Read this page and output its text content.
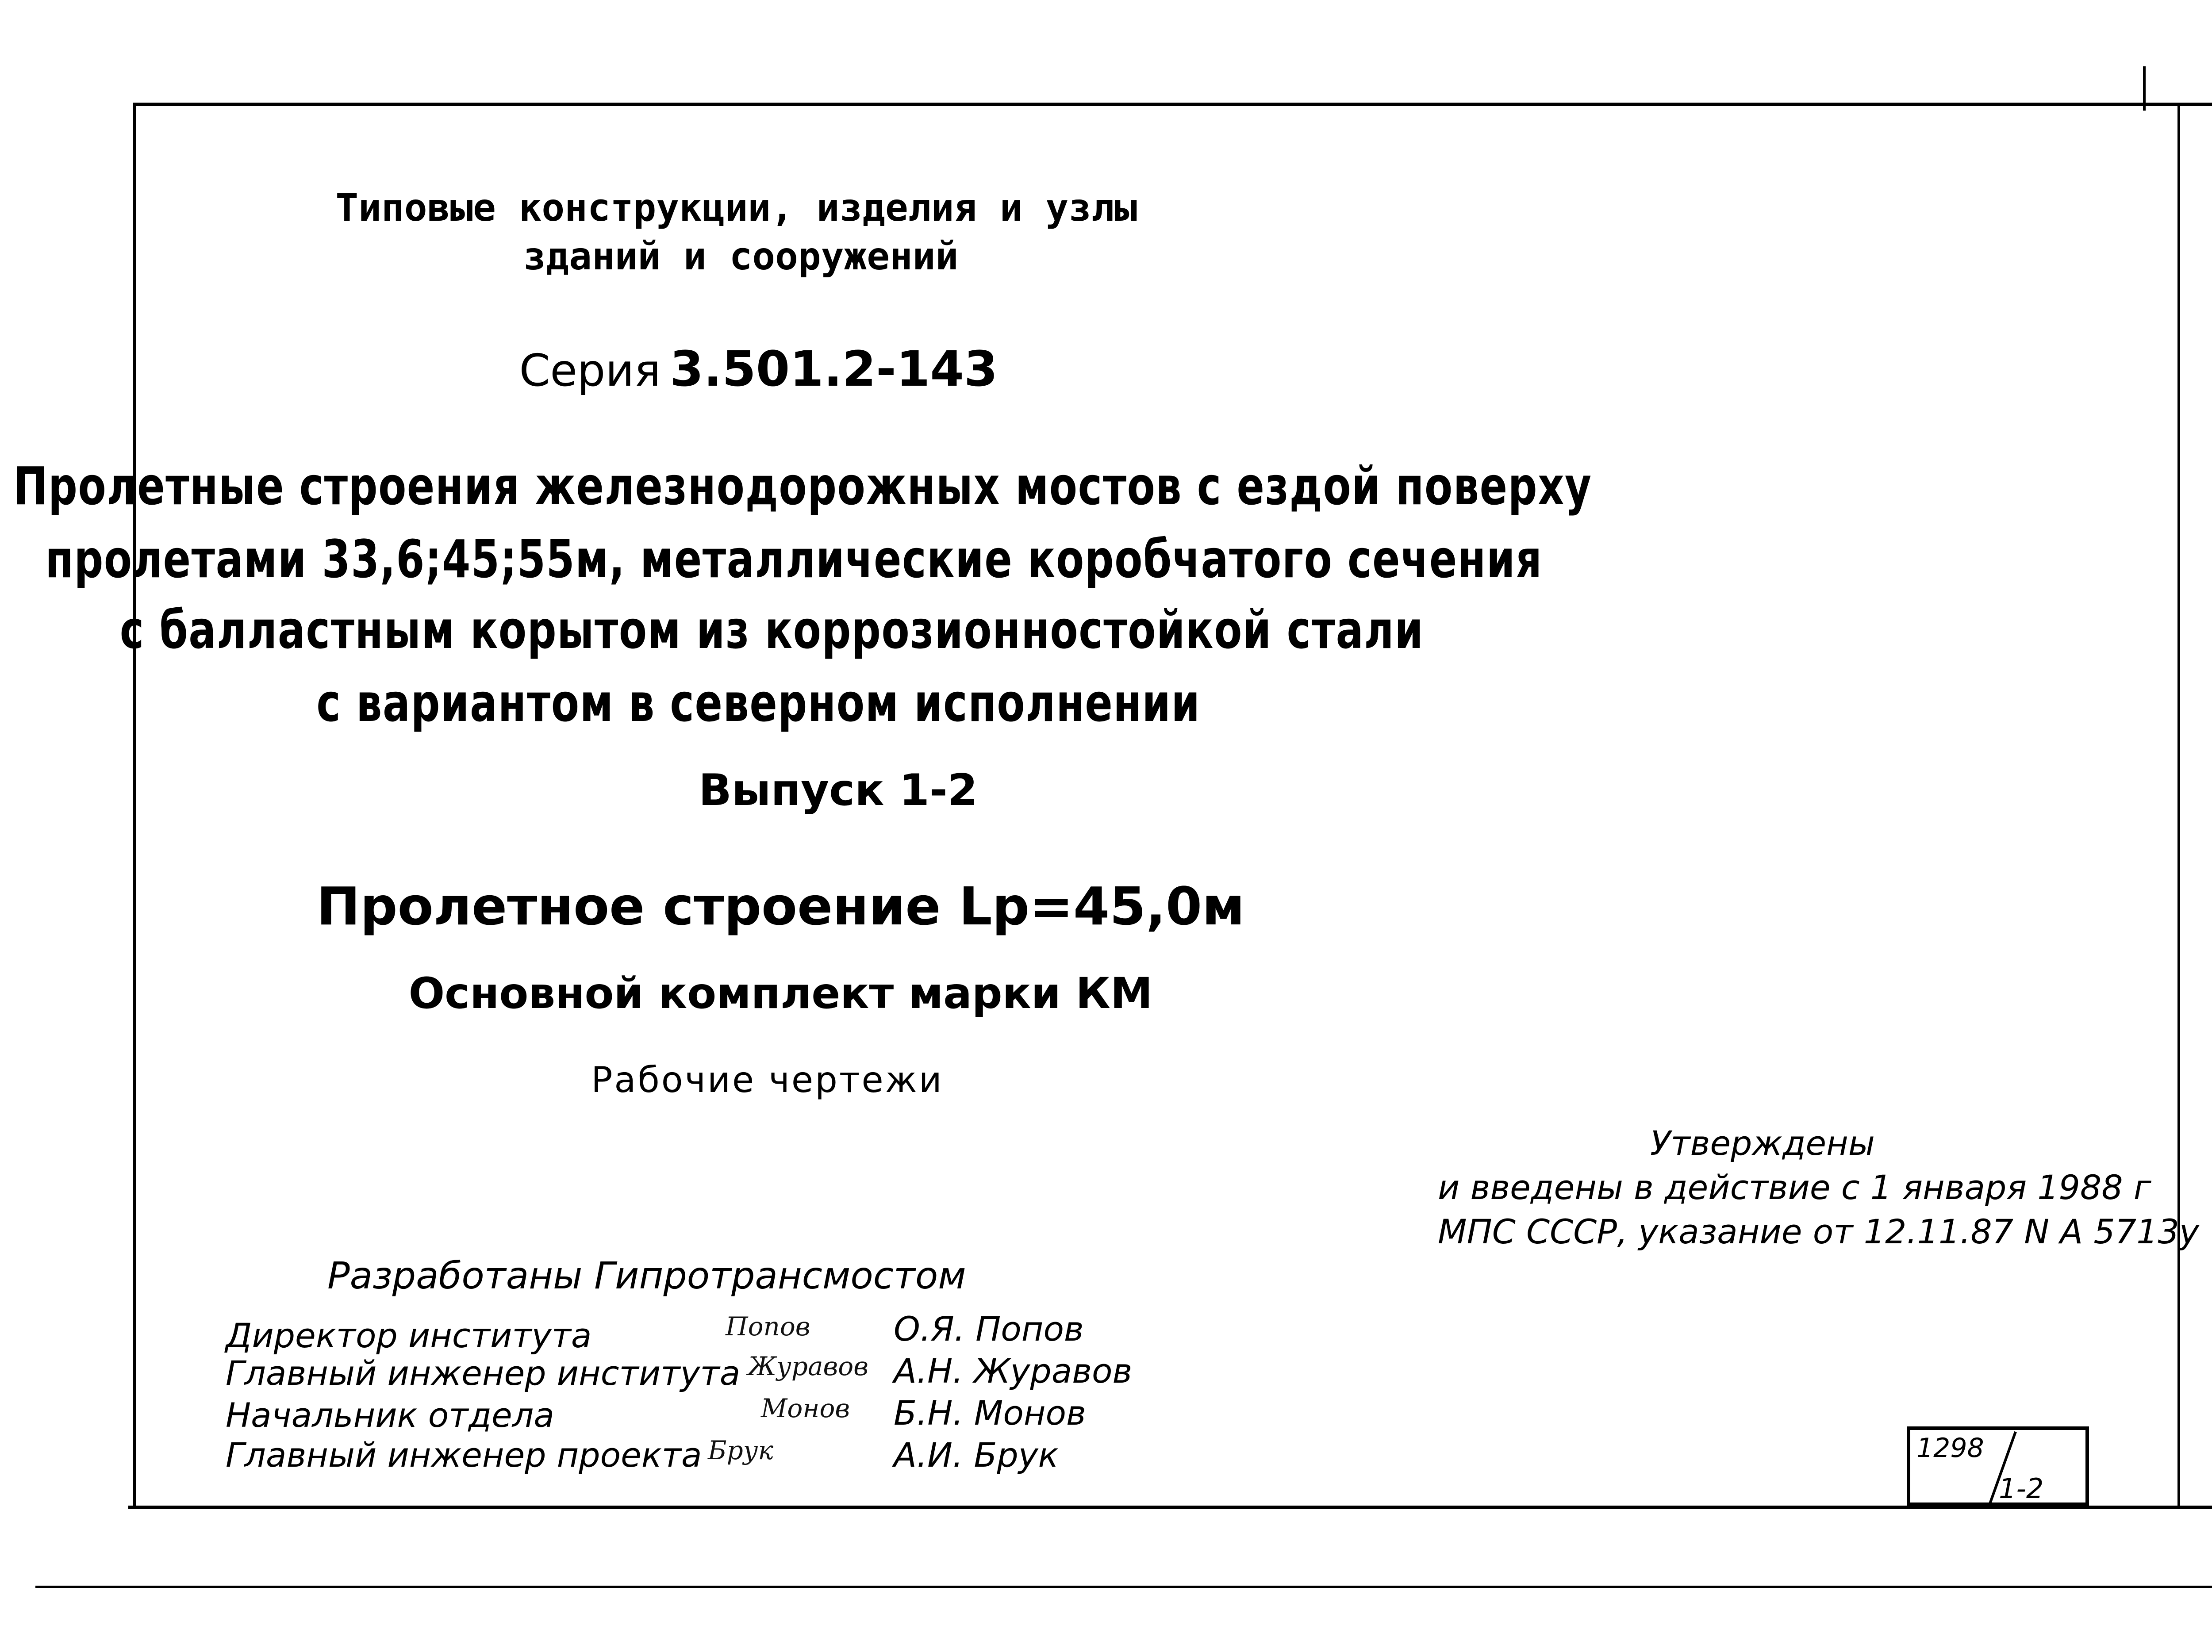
Типовые конструкции, изделия и узлы
зданий и сооружений
Серия 3.501.2-143
Пролетные строения железнодорожных мостов с ездой поверху
пролетами 33,6;45;55м, металлические коробчатого сечения
с балластным корытом из коррозионностойкой стали
с вариантом в северном исполнении
Выпуск 1-2
Пролетное строение Lp=45,0м
Основной комплект марки КМ
Рабочие чертежи
Утверждены
и введены в действие с 1 января 1988 г
МПС СССР, указание от 12.11.87 N А 5713у
Разработаны Гипротрансмостом
Директор института
Главный инженер института
Начальник отдела
Главный инженер проекта
Попов
Журавов
Монов
Брук
О.Я. Попов
А.Н. Журавов
Б.Н. Монов
А.И. Брук	1298
1-2
